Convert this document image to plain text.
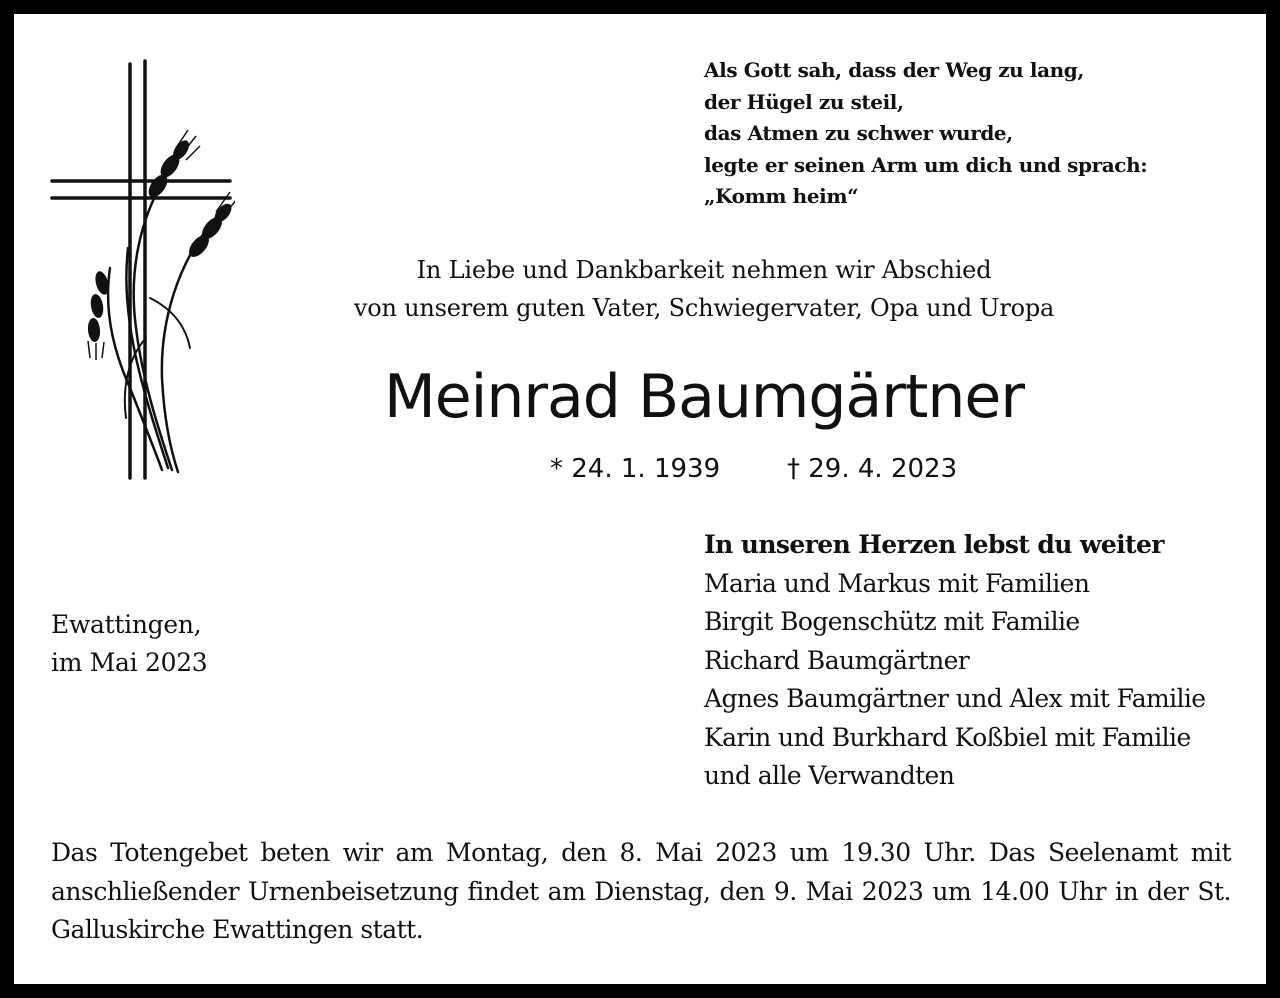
Als Gott sah, dass der Weg zu lang,
der Hügel zu steil,
das Atmen zu schwer wurde,
legte er seinen Arm um dich und sprach:
„Komm heim“
In Liebe und Dankbarkeit nehmen wir Abschied
von unserem guten Vater, Schwiegervater, Opa und Uropa
Meinrad Baumgärtner
* 24. 1. 1939	† 29. 4. 2023
Ewattingen,
im Mai 2023
In unseren Herzen lebst du weiter
Maria und Markus mit Familien
Birgit Bogenschütz mit Familie
Richard Baumgärtner
Agnes Baumgärtner und Alex mit Familie
Karin und Burkhard Koßbiel mit Familie
und alle Verwandten
Das Totengebet beten wir am Montag, den 8. Mai 2023 um 19.30 Uhr. Das Seelenamt mit anschließender Urnenbeisetzung findet am Dienstag, den 9. Mai 2023 um 14.00 Uhr in der St. Galluskirche Ewattingen statt.
